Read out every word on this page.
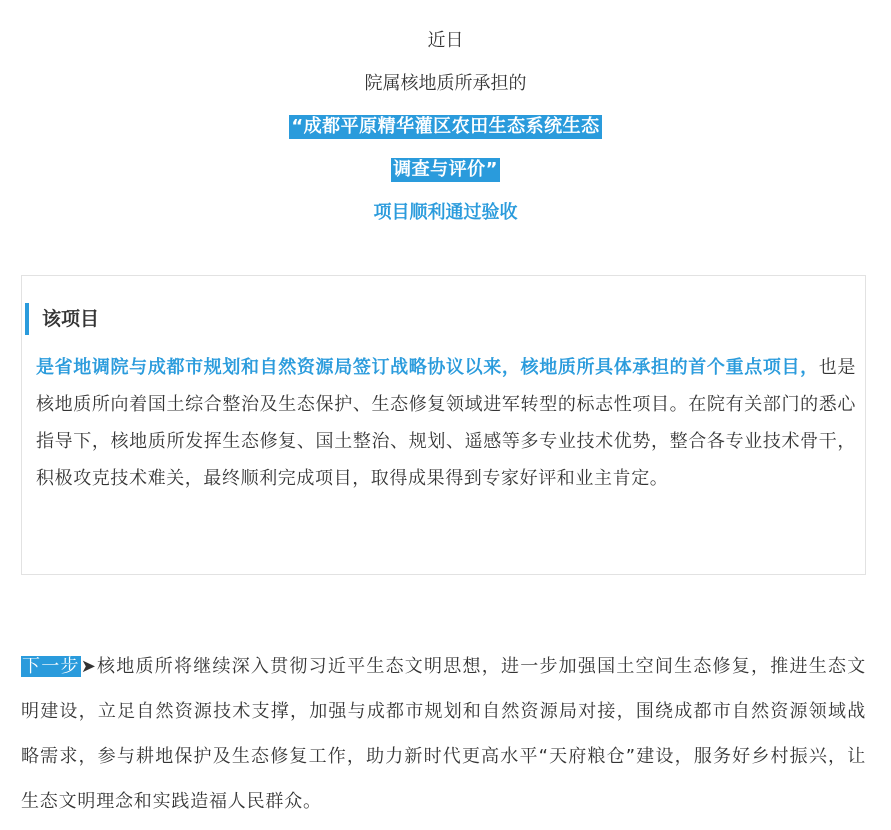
近日
院属核地质所承担的
“成都平原精华灌区农田生态系统生态
调查与评价”
项目顺利通过验收
该项目
是省地调院与成都市规划和自然资源局签订战略协议以来，核地质所具体承担的首个重点项目，也是核地质所向着国土综合整治及生态保护、生态修复领域进军转型的标志性项目。在院有关部门的悉心指导下，核地质所发挥生态修复、国土整治、规划、遥感等多专业技术优势，整合各专业技术骨干，积极攻克技术难关，最终顺利完成项目，取得成果得到专家好评和业主肯定。
下一步➤核地质所将继续深入贯彻习近平生态文明思想，进一步加强国土空间生态修复，推进生态文明建设，立足自然资源技术支撑，加强与成都市规划和自然资源局对接，围绕成都市自然资源领域战略需求，参与耕地保护及生态修复工作，助力新时代更高水平“天府粮仓”建设，服务好乡村振兴，让生态文明理念和实践造福人民群众。
